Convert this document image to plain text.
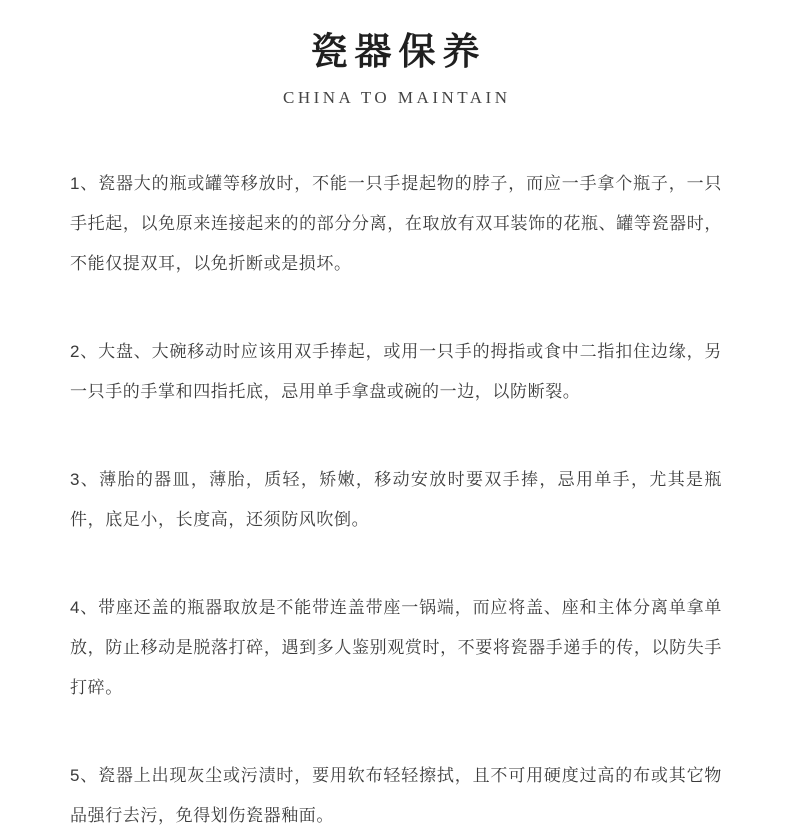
瓷器保养
CHINA TO MAINTAIN

1、瓷器大的瓶或罐等移放时，不能一只手提起物的脖子，而应一手拿个瓶子，一只手托起，以免原来连接起来的的部分分离，在取放有双耳装饰的花瓶、罐等瓷器时，不能仅提双耳，以免折断或是损坏。

2、大盘、大碗移动时应该用双手捧起，或用一只手的拇指或食中二指扣住边缘，另一只手的手掌和四指托底，忌用单手拿盘或碗的一边，以防断裂。

3、薄胎的器皿，薄胎，质轻，矫嫩，移动安放时要双手捧，忌用单手，尤其是瓶件，底足小，长度高，还须防风吹倒。

4、带座还盖的瓶器取放是不能带连盖带座一锅端，而应将盖、座和主体分离单拿单放，防止移动是脱落打碎，遇到多人鉴别观赏时，不要将瓷器手递手的传，以防失手打碎。

5、瓷器上出现灰尘或污渍时，要用软布轻轻擦拭，且不可用硬度过高的布或其它物品强行去污，免得划伤瓷器釉面。
